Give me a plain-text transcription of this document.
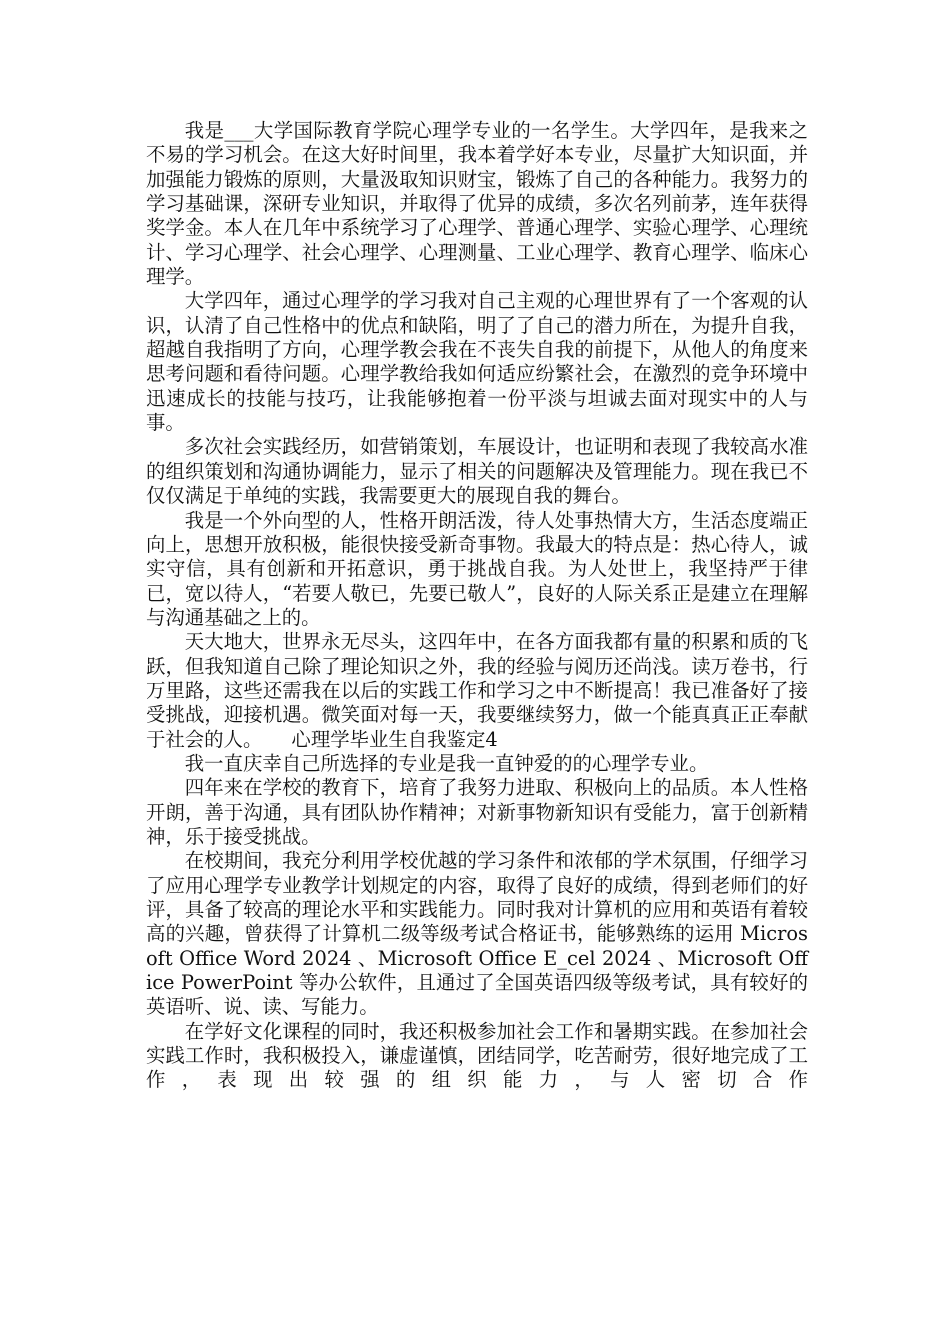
我是___大学国际教育学院心理学专业的一名学生。大学四年，是我来之不易的学习机会。在这大好时间里，我本着学好本专业，尽量扩大知识面，并加强能力锻炼的原则，大量汲取知识财宝，锻炼了自己的各种能力。我努力的学习基础课，深研专业知识，并取得了优异的成绩，多次名列前茅，连年获得奖学金。本人在几年中系统学习了心理学、普通心理学、实验心理学、心理统计、学习心理学、社会心理学、心理测量、工业心理学、教育心理学、临床心理学。

大学四年，通过心理学的学习我对自己主观的心理世界有了一个客观的认识，认清了自己性格中的优点和缺陷，明了了自己的潜力所在，为提升自我，超越自我指明了方向，心理学教会我在不丧失自我的前提下，从他人的角度来思考问题和看待问题。心理学教给我如何适应纷繁社会，在激烈的竞争环境中迅速成长的技能与技巧，让我能够抱着一份平淡与坦诚去面对现实中的人与事。

多次社会实践经历，如营销策划，车展设计，也证明和表现了我较高水准的组织策划和沟通协调能力，显示了相关的问题解决及管理能力。现在我已不仅仅满足于单纯的实践，我需要更大的展现自我的舞台。

我是一个外向型的人，性格开朗活泼，待人处事热情大方，生活态度端正向上，思想开放积极，能很快接受新奇事物。我最大的特点是：热心待人，诚实守信，具有创新和开拓意识，勇于挑战自我。为人处世上，我坚持严于律已，宽以待人，“若要人敬已，先要已敬人”，良好的人际关系正是建立在理解与沟通基础之上的。

天大地大，世界永无尽头，这四年中，在各方面我都有量的积累和质的飞跃，但我知道自己除了理论知识之外，我的经验与阅历还尚浅。读万卷书，行万里路，这些还需我在以后的实践工作和学习之中不断提高！我已准备好了接受挑战，迎接机遇。微笑面对每一天，我要继续努力，做一个能真真正正奉献于社会的人。　　心理学毕业生自我鉴定4

我一直庆幸自己所选择的专业是我一直钟爱的的心理学专业。

四年来在学校的教育下，培育了我努力进取、积极向上的品质。本人性格开朗，善于沟通，具有团队协作精神；对新事物新知识有受能力，富于创新精神，乐于接受挑战。

在校期间，我充分利用学校优越的学习条件和浓郁的学术氛围，仔细学习了应用心理学专业教学计划规定的内容，取得了良好的成绩，得到老师们的好评，具备了较高的理论水平和实践能力。同时我对计算机的应用和英语有着较高的兴趣，曾获得了计算机二级等级考试合格证书，能够熟练的运用 Microsoft Office Word 2024 、Microsoft Office E_cel 2024 、Microsoft Office PowerPoint 等办公软件，且通过了全国英语四级等级考试，具有较好的英语听、说、读、写能力。

在学好文化课程的同时，我还积极参加社会工作和暑期实践。在参加社会实践工作时，我积极投入，谦虚谨慎，团结同学，吃苦耐劳，很好地完成了工作，表现出较强的组织能力，与人密切合作
